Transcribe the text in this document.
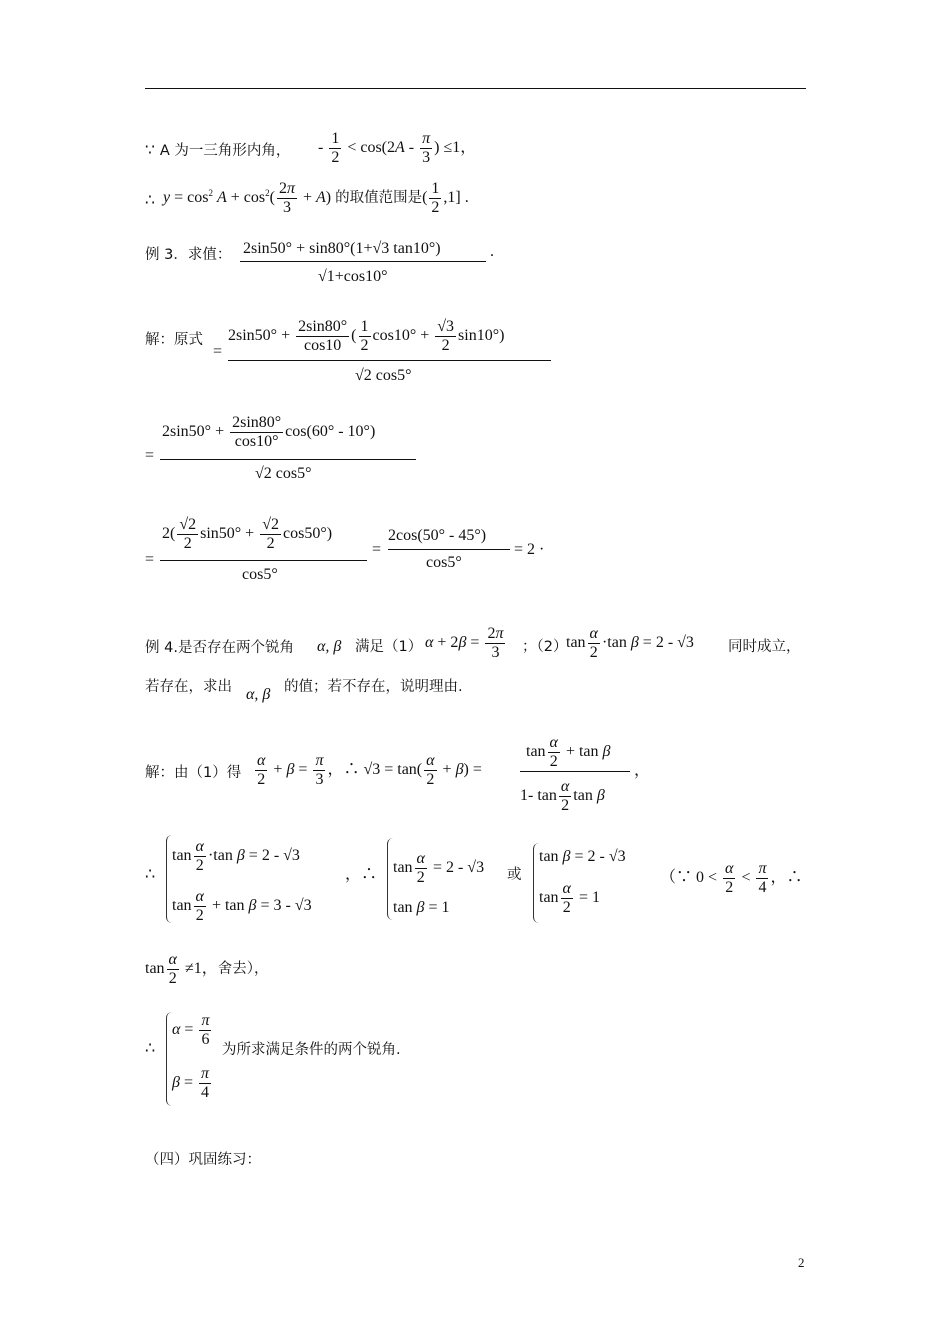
∵ A 为一三角形内角， - $\frac{1}{2} < \cos(2A - \frac{\pi}{3}$ ) ≤1，
∴ $y = \cos^2 A + \cos^2( \frac{2\pi}{3} + A)$ 的取值范围是( $\frac{1}{2} ,1$] .
例 3．求值： 2sin50° + sin80°(1+√3 tan10°)
√1+cos10°
.
解：原式
=
$2\sin 50^\circ + \frac{2\sin 80^\circ}{\cos 10}$ ( $\frac{1}{2} \cos 10^\circ + \frac{√3}{2} \sin 10^\circ$)
√2 cos5°
=
$2\sin 50^\circ + \frac{2\sin 80^\circ}{\cos 10^\circ} \cos(60^\circ - 10^\circ)$
√2 cos5°
=
$2( \frac{√2}{2} \sin 50^\circ + \frac{√2}{2} \cos 50^\circ)$
cos5°
=
2cos(50° - 45°)
cos5°
= 2 ·
例 4.是否存在两个锐角	α, β 满足（1） $\alpha + 2\beta = \frac{2\pi}{3}$ ；（2）
$\tan \frac{\alpha}{2} \cdot\tan$ β = 2 - √3 同时成立，
若存在，求出 α, β 的值；若不存在，说明理由.
解：由（1）得 $\frac{\alpha}{2} + \beta = \frac{\pi}{3}$ ，∴ $√3 = \tan( \frac{\alpha}{2} + \beta)$ =
$\tan \frac{\alpha}{2} + \tan \beta$
1- $\tan \frac{\alpha}{2}$ tan β
，
∴
$\tan \frac{\alpha}{2} \cdot\tan$ β = 2 - √3
$\tan \frac{\alpha}{2} + \tan \beta = 3 - √3$
，∴ $\tan \frac{\alpha}{2} = 2 - √3$
tan β = 1
或
tan β = 2 - √3
$\tan \frac{\alpha}{2} = 1$
（∵ $0 < \frac{\alpha}{2} < \frac{\pi}{4}$ ，∴
$\tan \frac{\alpha}{2} \ne 1$，舍去），
∴
$\alpha = \frac{\pi}{6}$
$\beta = \frac{\pi}{4}$
为所求满足条件的两个锐角.
（四）巩固练习：
2
